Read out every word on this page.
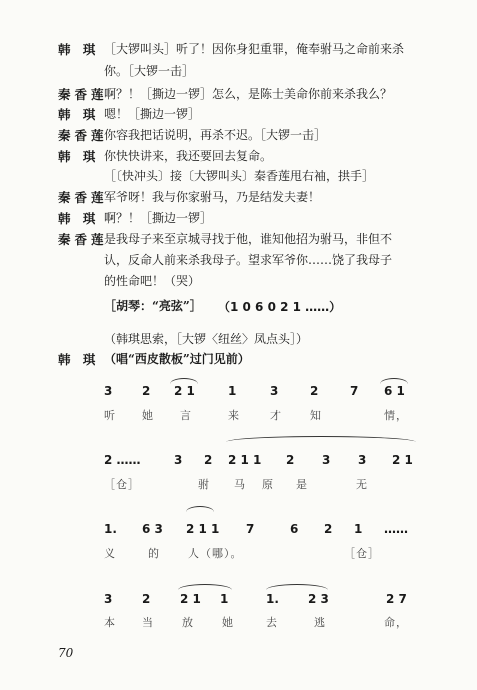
韩 琪 ［大锣叫头］听了！因你身犯重罪，俺奉驸马之命前来杀
你。［大锣一击］
秦香莲
啊？！［撕边一锣］怎么，是陈士美命你前来杀我么？
韩 琪 嗯！［撕边一锣］
秦香莲
你容我把话说明，再杀不迟。［大锣一击］
韩 琪 你快快讲来，我还要回去复命。
［〔快冲头〕接〔大锣叫头〕秦香莲甩右袖，拱手］
秦香莲
军爷呀！我与你家驸马，乃是结发夫妻！
韩 琪 啊？！［撕边一锣］
秦香莲
是我母子来至京城寻找于他，谁知他招为驸马，非但不
认，反命人前来杀我母子。望求军爷你……饶了我母子
的性命吧！（哭）
［胡琴：“亮弦”］ （1 0 6 0 2 1 ……）
（韩琪思索，［大锣〈纽丝〉凤点头］）
韩 琪 （唱“西皮散板”过门见前）
3 2 2 1	1	3	2	7 6 1
听 她 言	来	才	知	情，
2 ……	3 2 2 1 1 2 3 3 2 1
［仓］	驸 马 原 是	无
1. 6 3 2 1 1 7	6 2 1 ……
义	的	人（哪）。	［仓］
3 2 2 1 1	1. 2 3	2 7
本 当	放	她	去	逃	命，
70
